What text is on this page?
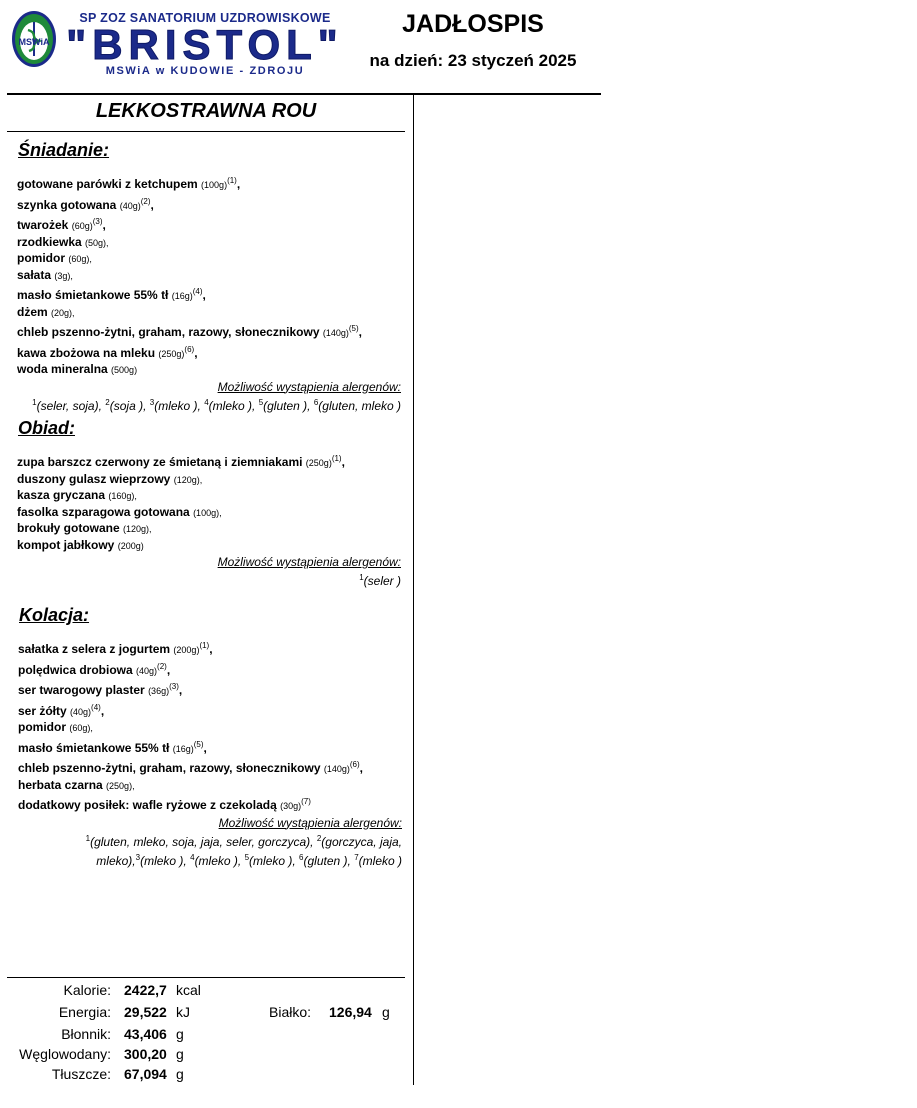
MSWiA
SP ZOZ SANATORIUM UZDROWISKOWE
"BRISTOL"
MSWiA w KUDOWIE - ZDROJU
JADŁOSPIS
na dzień: 23 styczeń 2025
LEKKOSTRAWNA ROU
Śniadanie:
gotowane parówki z ketchupem $(100g)^{(1)}$,
szynka gotowana $(40g)^{(2)}$,
twarożek $(60g)^{(3)}$,
rzodkiewka (50g),
pomidor (60g),
sałata (3g),
masło śmietankowe 55% tł $(16g)^{(4)}$,
dżem (20g),
chleb pszenno-żytni, graham, razowy, słonecznikowy $(140g)^{(5)}$,
kawa zbożowa na mleku $(250g)^{(6)}$,
woda mineralna (500g)
Możliwość wystąpienia alergenów:
$^1$(seler, soja), $^2$(soja ), $^3$(mleko ), $^4$(mleko ), $^5$(gluten ), $^6$(gluten, mleko )
Obiad:
zupa barszcz czerwony ze śmietaną i ziemniakami $(250g)^{(1)}$,
duszony gulasz wieprzowy (120g),
kasza gryczana (160g),
fasolka szparagowa gotowana (100g),
brokuły gotowane (120g),
kompot jabłkowy (200g)
Możliwość wystąpienia alergenów:
$^1$(seler )
Kolacja:
sałatka z selera z jogurtem $(200g)^{(1)}$,
polędwica drobiowa $(40g)^{(2)}$,
ser twarogowy plaster $(36g)^{(3)}$,
ser żółty $(40g)^{(4)}$,
pomidor (60g),
masło śmietankowe 55% tł $(16g)^{(5)}$,
chleb pszenno-żytni, graham, razowy, słonecznikowy $(140g)^{(6)}$,
herbata czarna (250g),
dodatkowy posiłek: wafle ryżowe z czekoladą $(30g)^{(7)}$
Możliwość wystąpienia alergenów:
$^1$(gluten, mleko, soja, jaja, seler, gorczyca), $^2$(gorczyca, jaja, mleko),$^3$(mleko ), $^4$(mleko ), $^5$(mleko ), $^6$(gluten ), $^7$(mleko )
Kalorie: 2422,7 kcal
Energia: 29,522 kJ	Białko: 126,94 g
Błonnik: 43,406 g
Węglowodany: 300,20 g
Tłuszcze: 67,094 g
